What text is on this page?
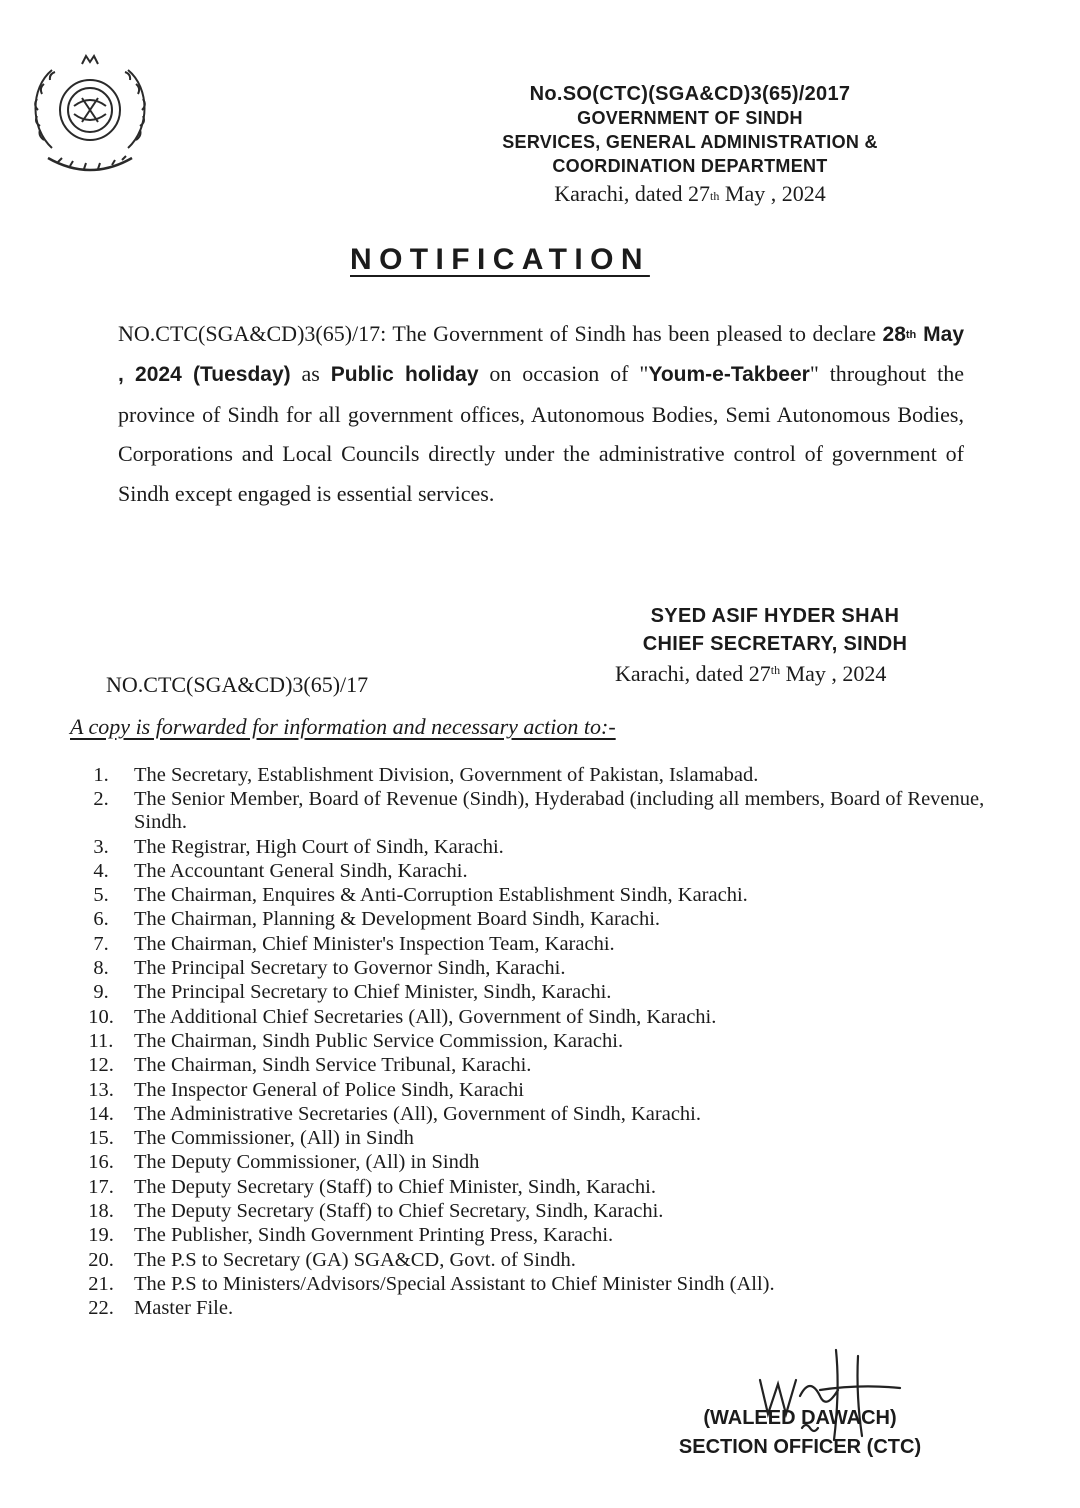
No.SO(CTC)(SGA&CD)3(65)/2017
GOVERNMENT OF SINDH
SERVICES, GENERAL ADMINISTRATION &
COORDINATION DEPARTMENT
Karachi, dated 27th May , 2024
NOTIFICATION
NO.CTC(SGA&CD)3(65)/17: The Government of Sindh has been pleased to declare 28th May , 2024 (Tuesday) as Public holiday on occasion of "Youm-e-Takbeer" throughout the province of Sindh for all government offices, Autonomous Bodies, Semi Autonomous Bodies, Corporations and Local Councils directly under the administrative control of government of Sindh except engaged is essential services.
SYED ASIF HYDER SHAH
CHIEF SECRETARY, SINDH
NO.CTC(SGA&CD)3(65)/17	Karachi, dated 27th May , 2024
A copy is forwarded for information and necessary action to:-
1.	The Secretary, Establishment Division, Government of Pakistan, Islamabad.
2.	The Senior Member, Board of Revenue (Sindh), Hyderabad (including all members, Board of Revenue, Sindh.
3.	The Registrar, High Court of Sindh, Karachi.
4.	The Accountant General Sindh, Karachi.
5.	The Chairman, Enquires & Anti-Corruption Establishment Sindh, Karachi.
6.	The Chairman, Planning & Development Board Sindh, Karachi.
7.	The Chairman, Chief Minister's Inspection Team, Karachi.
8.	The Principal Secretary to Governor Sindh, Karachi.
9.	The Principal Secretary to Chief Minister, Sindh, Karachi.
10. The Additional Chief Secretaries (All), Government of Sindh, Karachi.
11.	The Chairman, Sindh Public Service Commission, Karachi.
12. The Chairman, Sindh Service Tribunal, Karachi.
13. The Inspector General of Police Sindh, Karachi
14. The Administrative Secretaries (All), Government of Sindh, Karachi.
15. The Commissioner, (All) in Sindh
16. The Deputy Commissioner, (All) in Sindh
17. The Deputy Secretary (Staff) to Chief Minister, Sindh, Karachi.
18. The Deputy Secretary (Staff) to Chief Secretary, Sindh, Karachi.
19. The Publisher, Sindh Government Printing Press, Karachi.
20. The P.S to Secretary (GA) SGA&CD, Govt. of Sindh.
21. The P.S to Ministers/Advisors/Special Assistant to Chief Minister Sindh (All).
22. Master File.
(WALEED DAWACH)
SECTION OFFICER (CTC)
